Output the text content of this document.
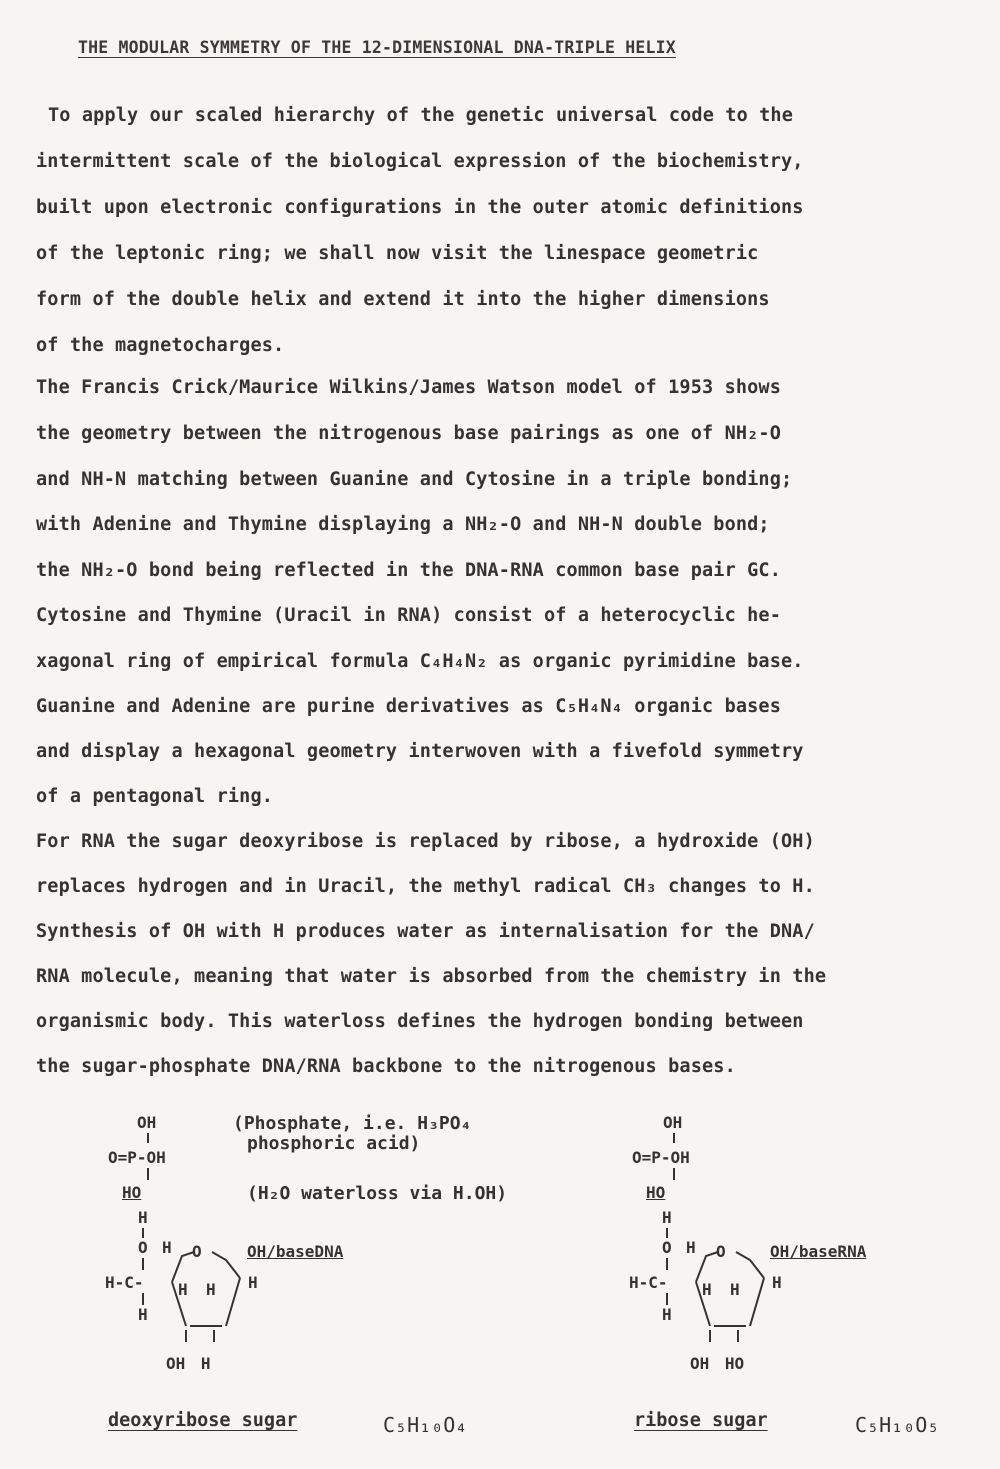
THE MODULAR SYMMETRY OF THE 12-DIMENSIONAL DNA-TRIPLE HELIX
To apply our scaled hierarchy of the genetic universal code to the
intermittent scale of the biological expression of the biochemistry,
built upon electronic configurations in the outer atomic definitions
of the leptonic ring; we shall now visit the linespace geometric
form of the double helix and extend it into the higher dimensions
of the magnetocharges.
The Francis Crick/Maurice Wilkins/James Watson model of 1953 shows
the geometry between the nitrogenous base pairings as one of NH₂-O
and NH-N matching between Guanine and Cytosine in a triple bonding;
with Adenine and Thymine displaying a NH₂-O and NH-N double bond;
the NH₂-O bond being reflected in the DNA-RNA common base pair GC.
Cytosine and Thymine (Uracil in RNA) consist of a heterocyclic he-
xagonal ring of empirical formula C₄H₄N₂ as organic pyrimidine base.
Guanine and Adenine are purine derivatives as C₅H₄N₄ organic bases
and display a hexagonal geometry interwoven with a fivefold symmetry
of a pentagonal ring.
For RNA the sugar deoxyribose is replaced by ribose, a hydroxide (OH)
replaces hydrogen and in Uracil, the methyl radical CH₃ changes to H.
Synthesis of OH with H produces water as internalisation for the DNA/
RNA molecule, meaning that water is absorbed from the chemistry in the
organismic body. This waterloss defines the hydrogen bonding between
the sugar-phosphate DNA/RNA backbone to the nitrogenous bases.
OH
O=P-OH
HO
H
O H O	OH/baseDNA
H-C-	H
H H
H
OH H
(Phosphate, i.e. H₃PO₄
phosphoric acid)
(H₂O waterloss via H.OH)
deoxyribose sugar	C₅H₁₀O₄
OH
O=P-OH
HO
H
O H O	OH/baseRNA
H-C-	H
H H
H
OH HO
ribose sugar	C₅H₁₀O₅
